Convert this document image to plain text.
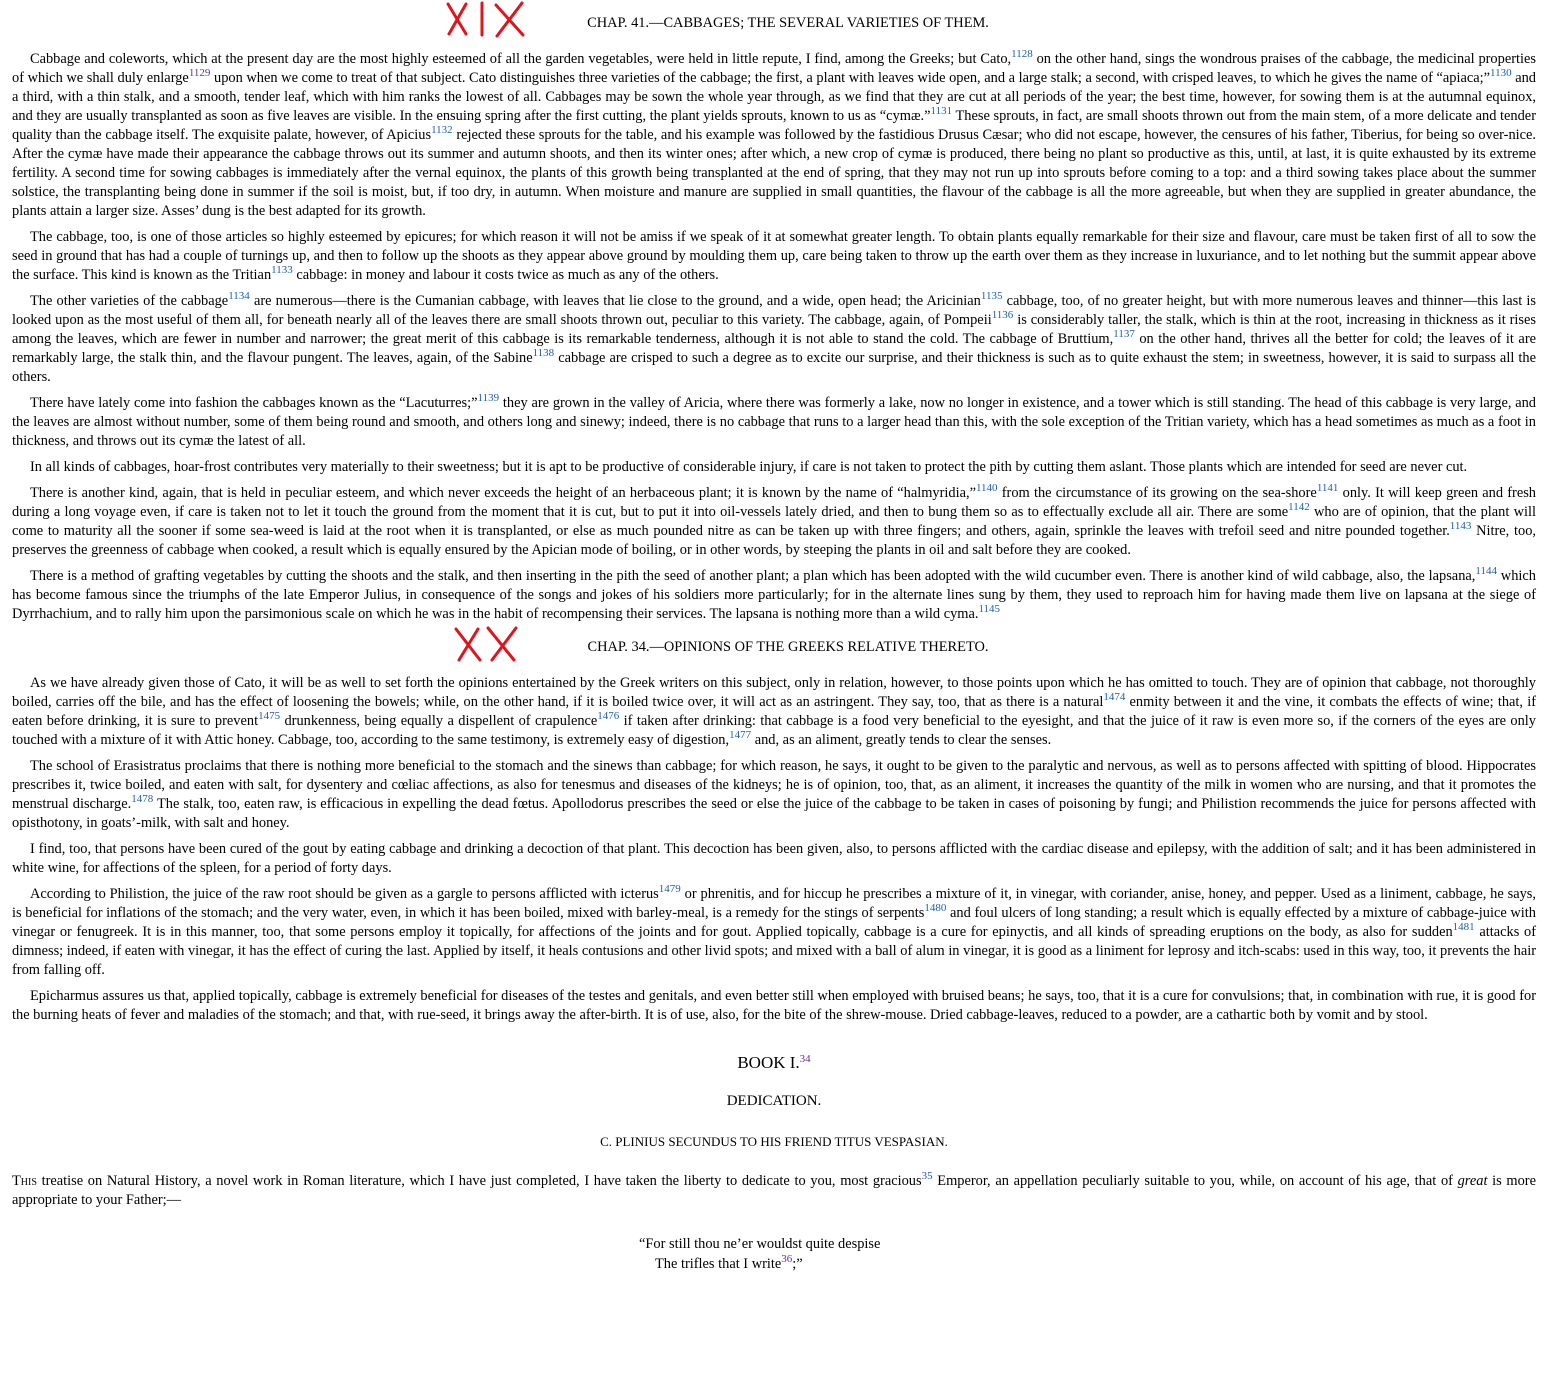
CHAP. 41.—CABBAGES; THE SEVERAL VARIETIES OF THEM.

Cabbage and coleworts, which at the present day are the most highly esteemed of all the garden vegetables, were held in little repute, I find, among the Greeks; but Cato,$^{1128}$ on the other hand, sings the wondrous praises of the cabbage, the medicinal properties of which we shall duly enlarge$^{1129}$ upon when we come to treat of that subject. Cato distinguishes three varieties of the cabbage; the first, a plant with leaves wide open, and a large stalk; a second, with crisped leaves, to which he gives the name of “apiaca;”$^{1130}$ and a third, with a thin stalk, and a smooth, tender leaf, which with him ranks the lowest of all. Cabbages may be sown the whole year through, as we find that they are cut at all periods of the year; the best time, however, for sowing them is at the autumnal equinox, and they are usually transplanted as soon as five leaves are visible. In the ensuing spring after the first cutting, the plant yields sprouts, known to us as “cymæ.”$^{1131}$ These sprouts, in fact, are small shoots thrown out from the main stem, of a more delicate and tender quality than the cabbage itself. The exquisite palate, however, of Apicius$^{1132}$ rejected these sprouts for the table, and his example was followed by the fastidious Drusus Cæsar; who did not escape, however, the censures of his father, Tiberius, for being so over-nice. After the cymæ have made their appearance the cabbage throws out its summer and autumn shoots, and then its winter ones; after which, a new crop of cymæ is produced, there being no plant so productive as this, until, at last, it is quite exhausted by its extreme fertility. A second time for sowing cabbages is immediately after the vernal equinox, the plants of this growth being transplanted at the end of spring, that they may not run up into sprouts before coming to a top: and a third sowing takes place about the summer solstice, the transplanting being done in summer if the soil is moist, but, if too dry, in autumn. When moisture and manure are supplied in small quantities, the flavour of the cabbage is all the more agreeable, but when they are supplied in greater abundance, the plants attain a larger size. Asses’ dung is the best adapted for its growth.

The cabbage, too, is one of those articles so highly esteemed by epicures; for which reason it will not be amiss if we speak of it at somewhat greater length. To obtain plants equally remarkable for their size and flavour, care must be taken first of all to sow the seed in ground that has had a couple of turnings up, and then to follow up the shoots as they appear above ground by moulding them up, care being taken to throw up the earth over them as they increase in luxuriance, and to let nothing but the summit appear above the surface. This kind is known as the Tritian$^{1133}$ cabbage: in money and labour it costs twice as much as any of the others.

The other varieties of the cabbage$^{1134}$ are numerous—there is the Cumanian cabbage, with leaves that lie close to the ground, and a wide, open head; the Aricinian$^{1135}$ cabbage, too, of no greater height, but with more numerous leaves and thinner—this last is looked upon as the most useful of them all, for beneath nearly all of the leaves there are small shoots thrown out, peculiar to this variety. The cabbage, again, of Pompeii$^{1136}$ is considerably taller, the stalk, which is thin at the root, increasing in thickness as it rises among the leaves, which are fewer in number and narrower; the great merit of this cabbage is its remarkable tenderness, although it is not able to stand the cold. The cabbage of Bruttium,$^{1137}$ on the other hand, thrives all the better for cold; the leaves of it are remarkably large, the stalk thin, and the flavour pungent. The leaves, again, of the Sabine$^{1138}$ cabbage are crisped to such a degree as to excite our surprise, and their thickness is such as to quite exhaust the stem; in sweetness, however, it is said to surpass all the others.

There have lately come into fashion the cabbages known as the “Lacuturres;”$^{1139}$ they are grown in the valley of Aricia, where there was formerly a lake, now no longer in existence, and a tower which is still standing. The head of this cabbage is very large, and the leaves are almost without number, some of them being round and smooth, and others long and sinewy; indeed, there is no cabbage that runs to a larger head than this, with the sole exception of the Tritian variety, which has a head sometimes as much as a foot in thickness, and throws out its cymæ the latest of all.

In all kinds of cabbages, hoar-frost contributes very materially to their sweetness; but it is apt to be productive of considerable injury, if care is not taken to protect the pith by cutting them aslant. Those plants which are intended for seed are never cut.

There is another kind, again, that is held in peculiar esteem, and which never exceeds the height of an herbaceous plant; it is known by the name of “halmyridia,”$^{1140}$ from the circumstance of its growing on the sea-shore$^{1141}$ only. It will keep green and fresh during a long voyage even, if care is taken not to let it touch the ground from the moment that it is cut, but to put it into oil-vessels lately dried, and then to bung them so as to effectually exclude all air. There are some$^{1142}$ who are of opinion, that the plant will come to maturity all the sooner if some sea-weed is laid at the root when it is transplanted, or else as much pounded nitre as can be taken up with three fingers; and others, again, sprinkle the leaves with trefoil seed and nitre pounded together.$^{1143}$ Nitre, too, preserves the greenness of cabbage when cooked, a result which is equally ensured by the Apician mode of boiling, or in other words, by steeping the plants in oil and salt before they are cooked.

There is a method of grafting vegetables by cutting the shoots and the stalk, and then inserting in the pith the seed of another plant; a plan which has been adopted with the wild cucumber even. There is another kind of wild cabbage, also, the lapsana,$^{1144}$ which has become famous since the triumphs of the late Emperor Julius, in consequence of the songs and jokes of his soldiers more particularly; for in the alternate lines sung by them, they used to reproach him for having made them live on lapsana at the siege of Dyrrhachium, and to rally him upon the parsimonious scale on which he was in the habit of recompensing their services. The lapsana is nothing more than a wild cyma.$^{1145}$

CHAP. 34.—OPINIONS OF THE GREEKS RELATIVE THERETO.

As we have already given those of Cato, it will be as well to set forth the opinions entertained by the Greek writers on this subject, only in relation, however, to those points upon which he has omitted to touch. They are of opinion that cabbage, not thoroughly boiled, carries off the bile, and has the effect of loosening the bowels; while, on the other hand, if it is boiled twice over, it will act as an astringent. They say, too, that as there is a natural$^{1474}$ enmity between it and the vine, it combats the effects of wine; that, if eaten before drinking, it is sure to prevent$^{1475}$ drunkenness, being equally a dispellent of crapulence$^{1476}$ if taken after drinking: that cabbage is a food very beneficial to the eyesight, and that the juice of it raw is even more so, if the corners of the eyes are only touched with a mixture of it with Attic honey. Cabbage, too, according to the same testimony, is extremely easy of digestion,$^{1477}$ and, as an aliment, greatly tends to clear the senses.

The school of Erasistratus proclaims that there is nothing more beneficial to the stomach and the sinews than cabbage; for which reason, he says, it ought to be given to the paralytic and nervous, as well as to persons affected with spitting of blood. Hippocrates prescribes it, twice boiled, and eaten with salt, for dysentery and cœliac affections, as also for tenesmus and diseases of the kidneys; he is of opinion, too, that, as an aliment, it increases the quantity of the milk in women who are nursing, and that it promotes the menstrual discharge.$^{1478}$ The stalk, too, eaten raw, is efficacious in expelling the dead fœtus. Apollodorus prescribes the seed or else the juice of the cabbage to be taken in cases of poisoning by fungi; and Philistion recommends the juice for persons affected with opisthotony, in goats’-milk, with salt and honey.

I find, too, that persons have been cured of the gout by eating cabbage and drinking a decoction of that plant. This decoction has been given, also, to persons afflicted with the cardiac disease and epilepsy, with the addition of salt; and it has been administered in white wine, for affections of the spleen, for a period of forty days.

According to Philistion, the juice of the raw root should be given as a gargle to persons afflicted with icterus$^{1479}$ or phrenitis, and for hiccup he prescribes a mixture of it, in vinegar, with coriander, anise, honey, and pepper. Used as a liniment, cabbage, he says, is beneficial for inflations of the stomach; and the very water, even, in which it has been boiled, mixed with barley-meal, is a remedy for the stings of serpents$^{1480}$ and foul ulcers of long standing; a result which is equally effected by a mixture of cabbage-juice with vinegar or fenugreek. It is in this manner, too, that some persons employ it topically, for affections of the joints and for gout. Applied topically, cabbage is a cure for epinyctis, and all kinds of spreading eruptions on the body, as also for sudden$^{1481}$ attacks of dimness; indeed, if eaten with vinegar, it has the effect of curing the last. Applied by itself, it heals contusions and other livid spots; and mixed with a ball of alum in vinegar, it is good as a liniment for leprosy and itch-scabs: used in this way, too, it prevents the hair from falling off.

Epicharmus assures us that, applied topically, cabbage is extremely beneficial for diseases of the testes and genitals, and even better still when employed with bruised beans; he says, too, that it is a cure for convulsions; that, in combination with rue, it is good for the burning heats of fever and maladies of the stomach; and that, with rue-seed, it brings away the after-birth. It is of use, also, for the bite of the shrew-mouse. Dried cabbage-leaves, reduced to a powder, are a cathartic both by vomit and by stool.

BOOK I.$^{34}$
DEDICATION.
C. PLINIUS SECUNDUS TO HIS FRIEND TITUS VESPASIAN.

This treatise on Natural History, a novel work in Roman literature, which I have just completed, I have taken the liberty to dedicate to you, most gracious$^{35}$ Emperor, an appellation peculiarly suitable to you, while, on account of his age, that of great is more appropriate to your Father;—

“For still thou ne’er wouldst quite despise
The trifles that I write$^{36}$;”
